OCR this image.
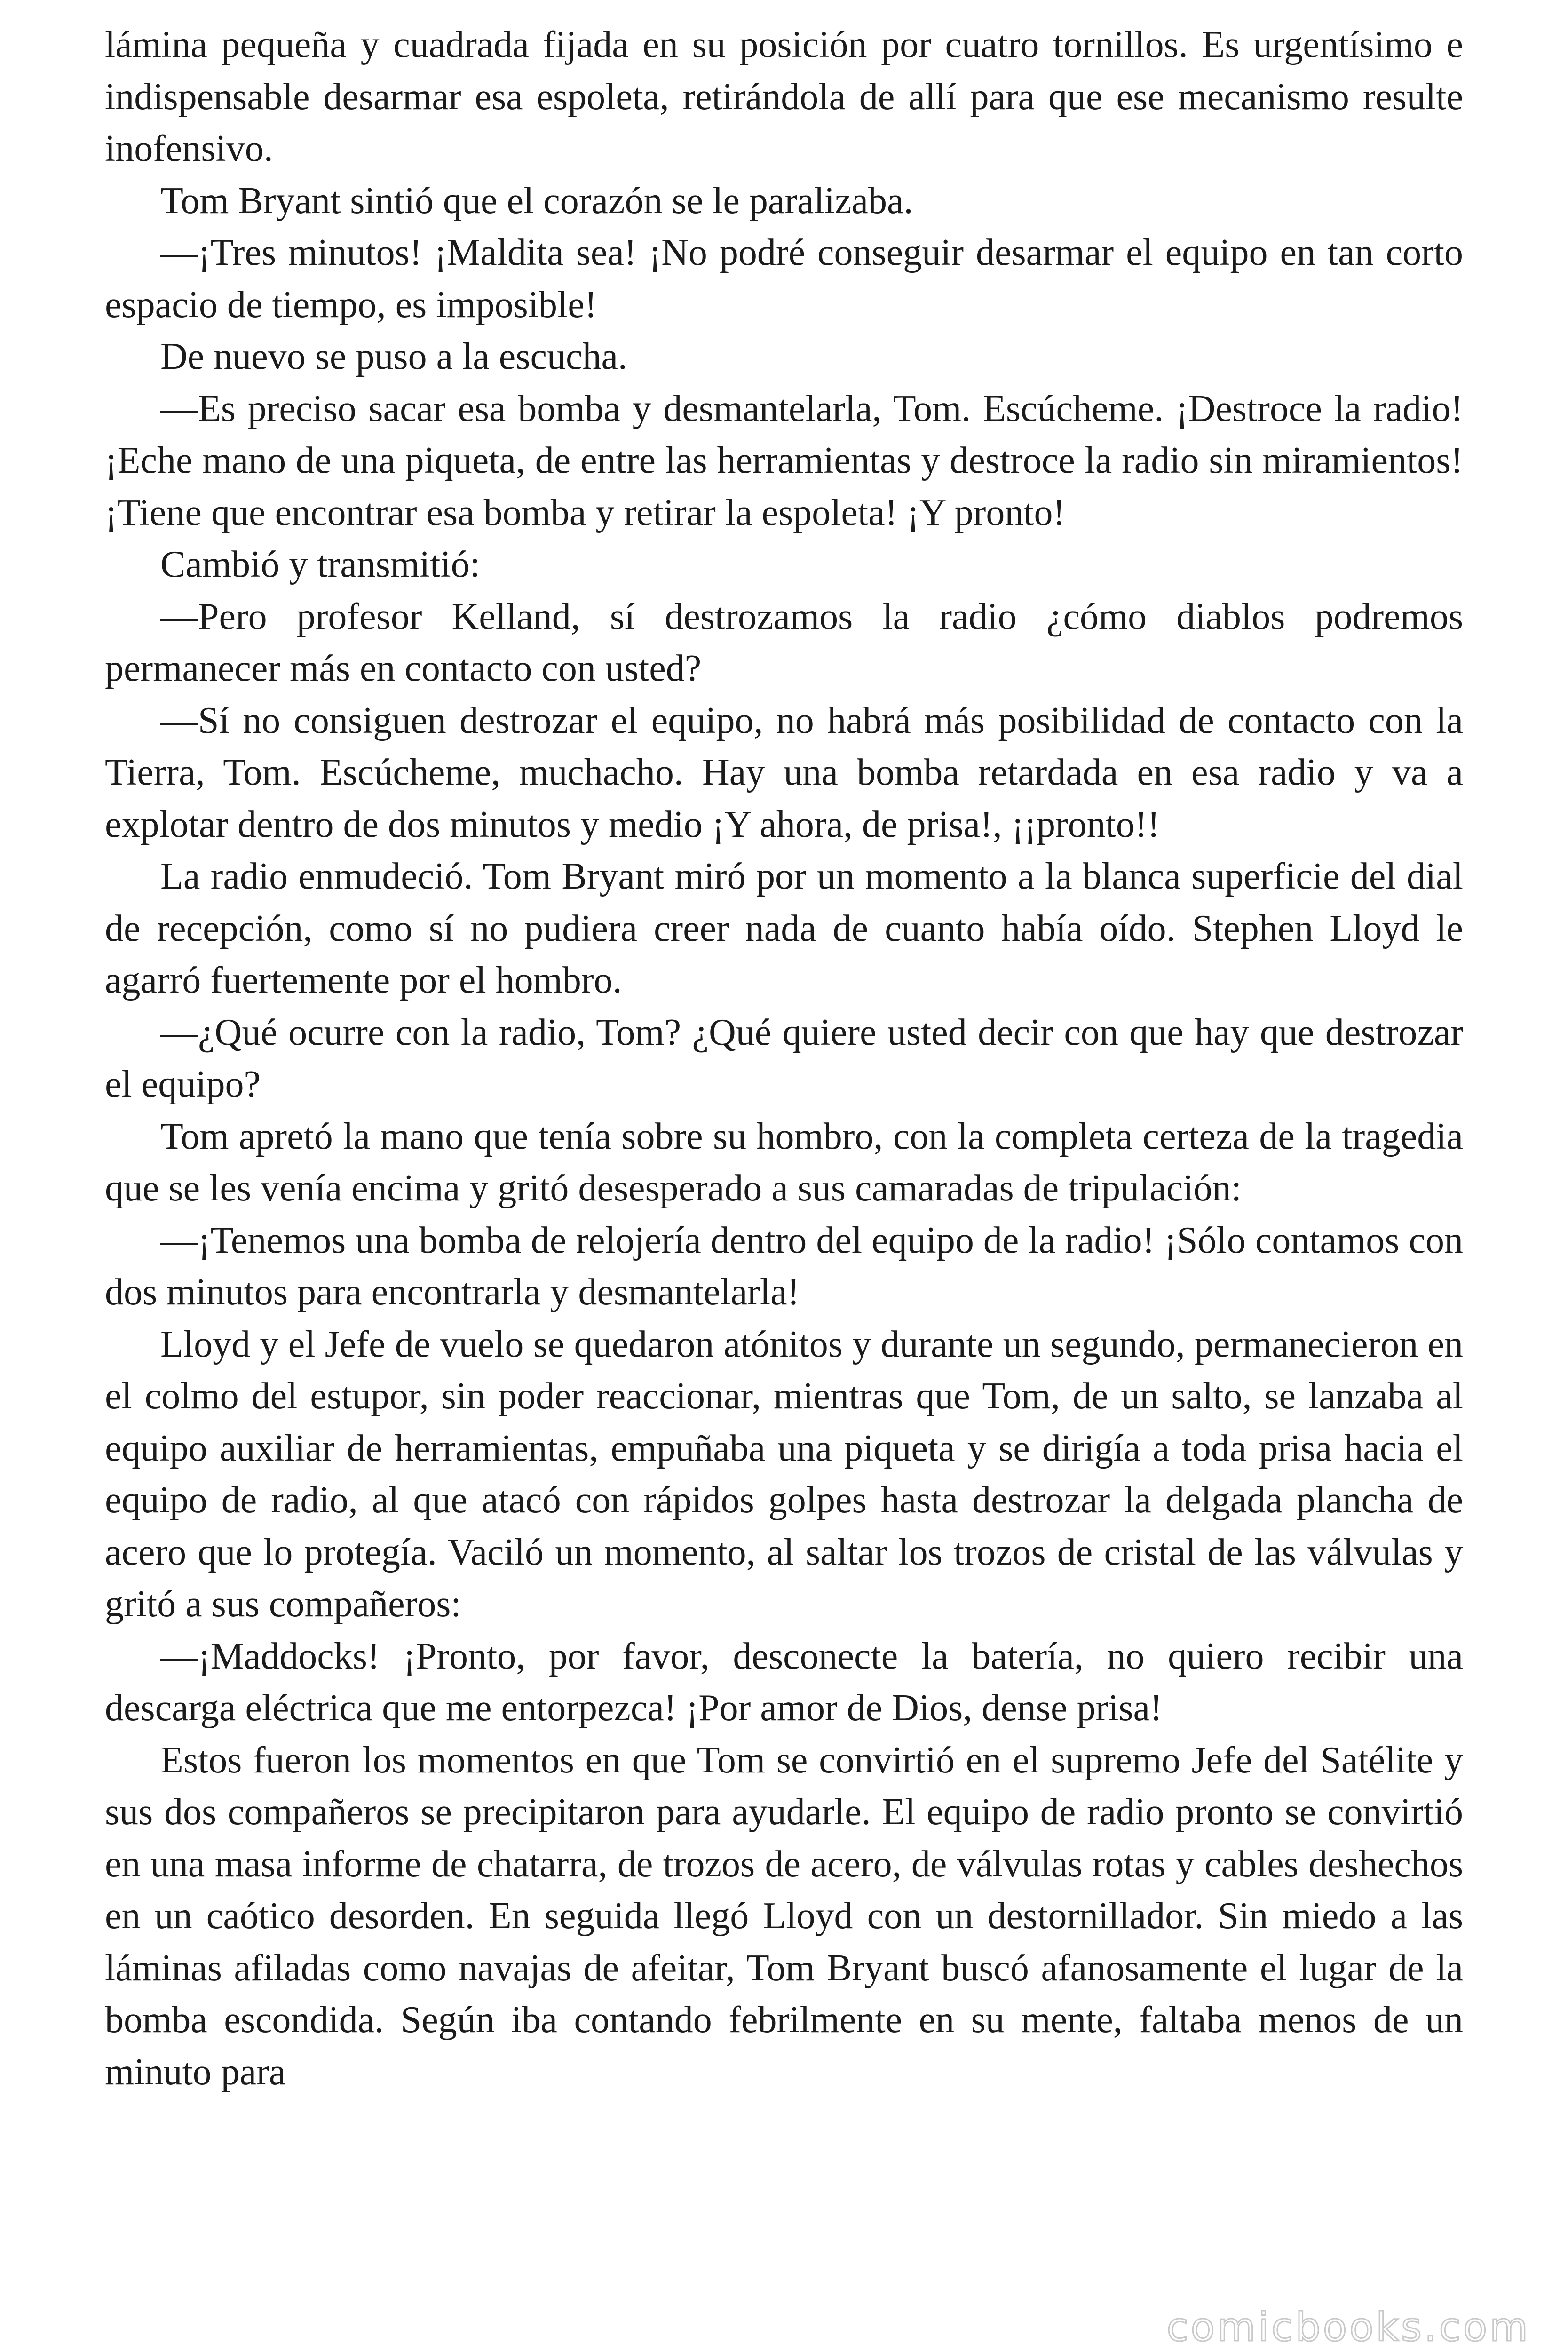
lámina pequeña y cuadrada fijada en su posición por cuatro tornillos. Es urgentísimo e indispensable desarmar esa espoleta, retirándola de allí para que ese mecanismo resulte inofensivo.

Tom Bryant sintió que el corazón se le paralizaba.

—¡Tres minutos! ¡Maldita sea! ¡No podré conseguir desarmar el equipo en tan corto espacio de tiempo, es imposible!

De nuevo se puso a la escucha.

—Es preciso sacar esa bomba y desmantelarla, Tom. Escúcheme. ¡Destroce la radio! ¡Eche mano de una piqueta, de entre las herramientas y destroce la radio sin miramientos! ¡Tiene que encontrar esa bomba y retirar la espoleta! ¡Y pronto!

Cambió y transmitió:

—Pero profesor Kelland, sí destrozamos la radio ¿cómo diablos podremos permanecer más en contacto con usted?

—Sí no consiguen destrozar el equipo, no habrá más posibilidad de contacto con la Tierra, Tom. Escúcheme, muchacho. Hay una bomba retardada en esa radio y va a explotar dentro de dos minutos y medio ¡Y ahora, de prisa!, ¡¡pronto!!

La radio enmudeció. Tom Bryant miró por un momento a la blanca superficie del dial de recepción, como sí no pudiera creer nada de cuanto había oído. Stephen Lloyd le agarró fuertemente por el hombro.

—¿Qué ocurre con la radio, Tom? ¿Qué quiere usted decir con que hay que destrozar el equipo?

Tom apretó la mano que tenía sobre su hombro, con la completa certeza de la tragedia que se les venía encima y gritó desesperado a sus camaradas de tripulación:

—¡Tenemos una bomba de relojería dentro del equipo de la radio! ¡Sólo contamos con dos minutos para encontrarla y desmantelarla!

Lloyd y el Jefe de vuelo se quedaron atónitos y durante un segundo, permanecieron en el colmo del estupor, sin poder reaccionar, mientras que Tom, de un salto, se lanzaba al equipo auxiliar de herramientas, empuñaba una piqueta y se dirigía a toda prisa hacia el equipo de radio, al que atacó con rápidos golpes hasta destrozar la delgada plancha de acero que lo protegía. Vaciló un momento, al saltar los trozos de cristal de las válvulas y gritó a sus compañeros:

—¡Maddocks! ¡Pronto, por favor, desconecte la batería, no quiero recibir una descarga eléctrica que me entorpezca! ¡Por amor de Dios, dense prisa!

Estos fueron los momentos en que Tom se convirtió en el supremo Jefe del Satélite y sus dos compañeros se precipitaron para ayudarle. El equipo de radio pronto se convirtió en una masa informe de chatarra, de trozos de acero, de válvulas rotas y cables deshechos en un caótico desorden. En seguida llegó Lloyd con un destornillador. Sin miedo a las láminas afiladas como navajas de afeitar, Tom Bryant buscó afanosamente el lugar de la bomba escondida. Según iba contando febrilmente en su mente, faltaba menos de un minuto para

comicbooks.com
